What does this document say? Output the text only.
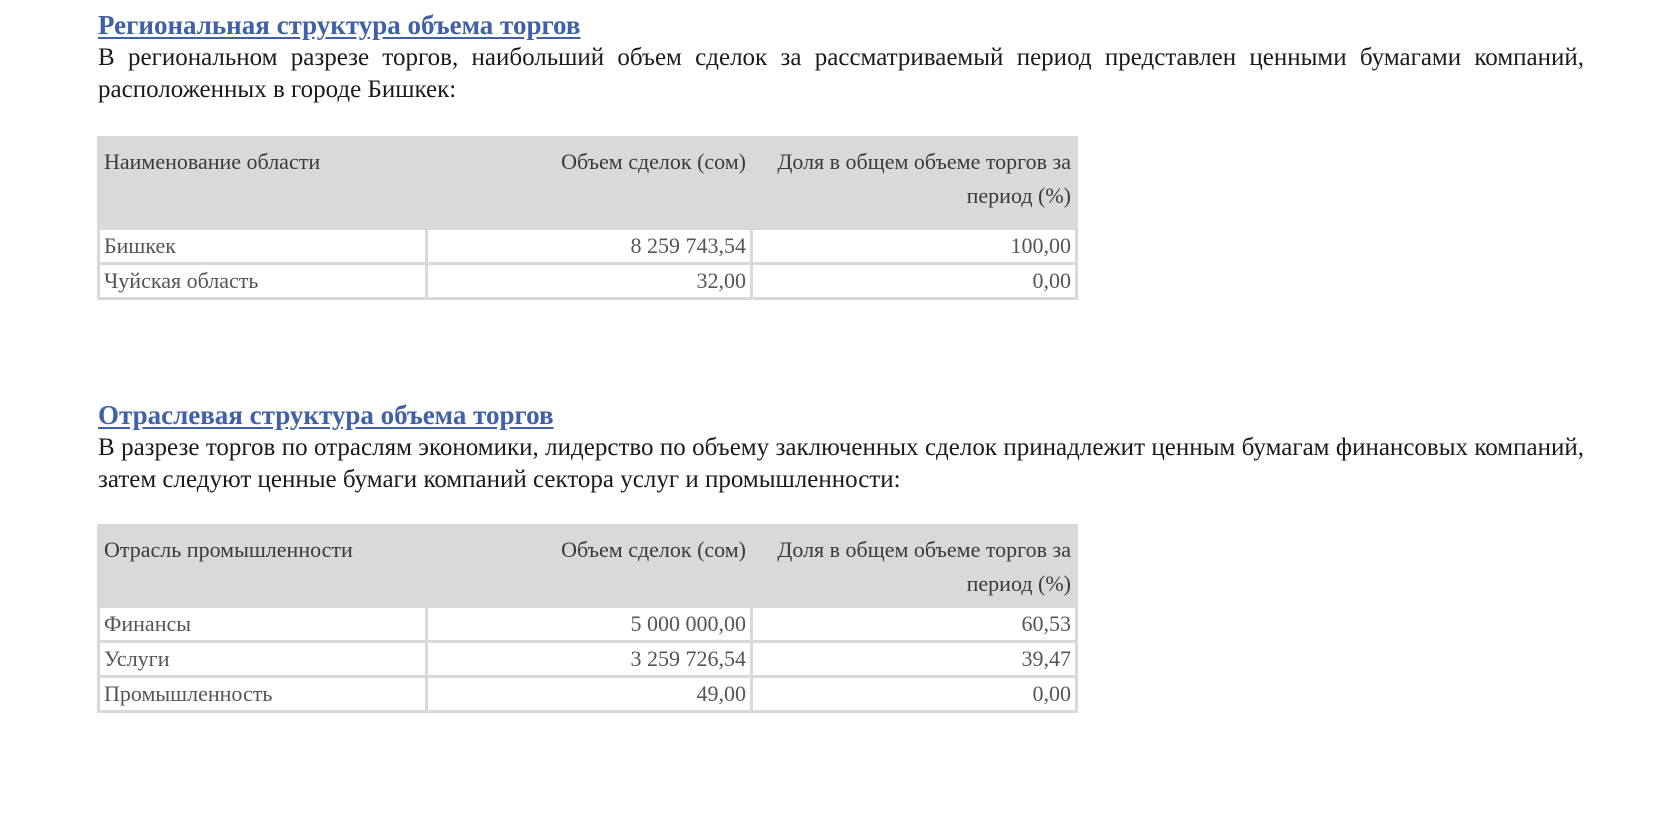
Региональная структура объема торгов

В региональном разрезе торгов, наибольший объем сделок за рассматриваемый период представлен ценными бумагами компаний, расположенных в городе Бишкек:

Наименование области	Объем сделок (сом)	Доля в общем объеме торгов за период (%)
Бишкек	8 259 743,54	100,00
Чуйская область	32,00	0,00
Отраслевая структура объема торгов

В разрезе торгов по отраслям экономики, лидерство по объему заключенных сделок принадлежит ценным бумагам финансовых компаний, затем следуют ценные бумаги компаний сектора услуг и промышленности:

Отрасль промышленности	Объем сделок (сом)	Доля в общем объеме торгов за период (%)
Финансы	5 000 000,00	60,53
Услуги	3 259 726,54	39,47
Промышленность	49,00	0,00
